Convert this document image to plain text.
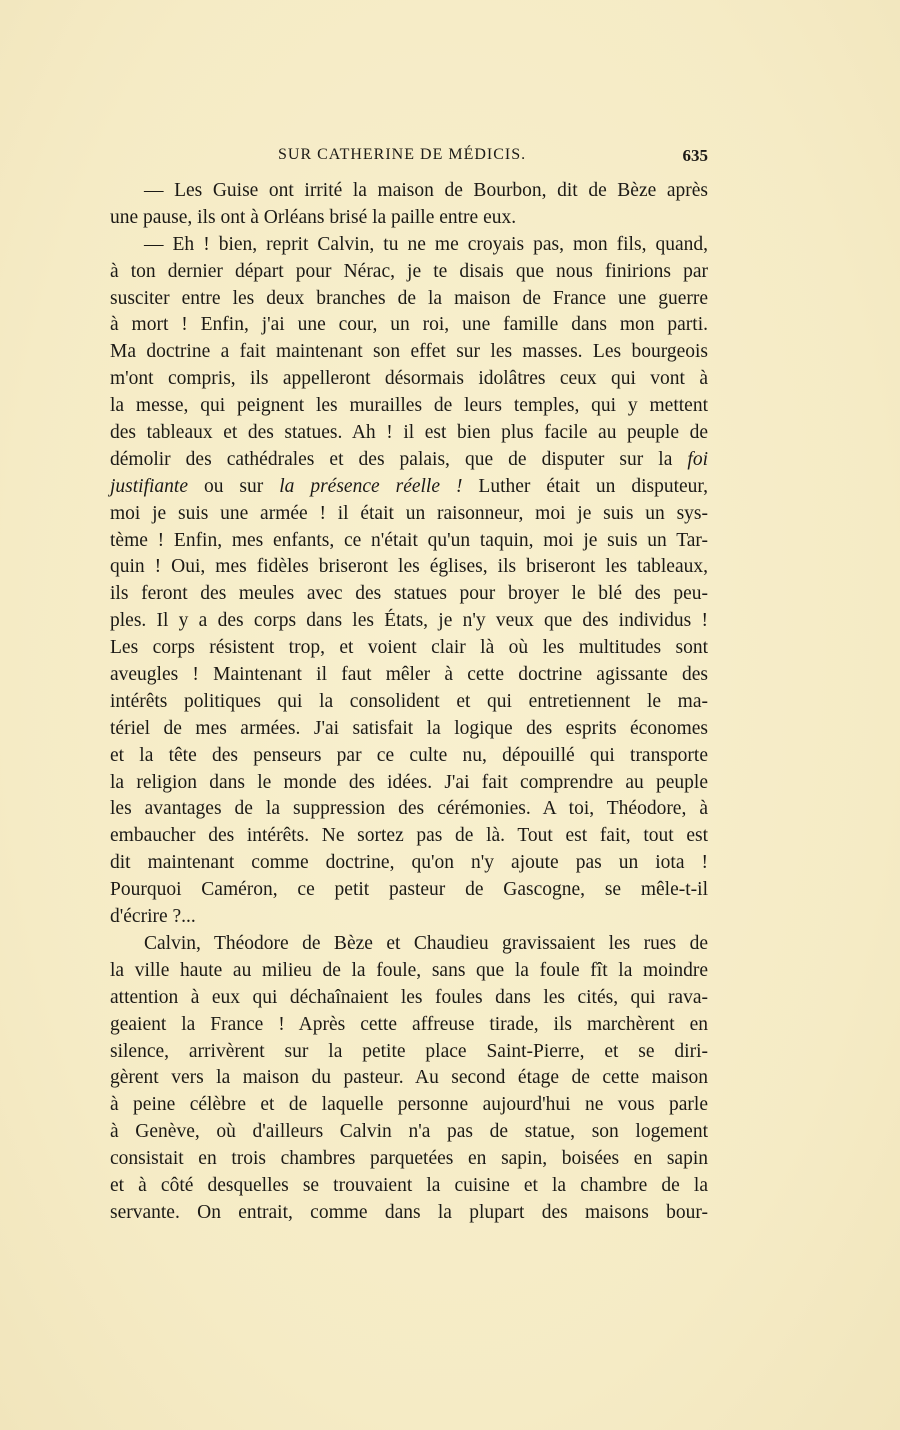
SUR CATHERINE DE MÉDICIS.	635
— Les Guise ont irrité la maison de Bourbon, dit de Bèze après
une pause, ils ont à Orléans brisé la paille entre eux.
— Eh ! bien, reprit Calvin, tu ne me croyais pas, mon fils, quand,
à ton dernier départ pour Nérac, je te disais que nous finirions par
susciter entre les deux branches de la maison de France une guerre
à mort ! Enfin, j'ai une cour, un roi, une famille dans mon parti.
Ma doctrine a fait maintenant son effet sur les masses. Les bourgeois
m'ont compris, ils appelleront désormais idolâtres ceux qui vont à
la messe, qui peignent les murailles de leurs temples, qui y mettent
des tableaux et des statues. Ah ! il est bien plus facile au peuple de
démolir des cathédrales et des palais, que de disputer sur la foi
justifiante ou sur la présence réelle ! Luther était un disputeur,
moi je suis une armée ! il était un raisonneur, moi je suis un sys-
tème ! Enfin, mes enfants, ce n'était qu'un taquin, moi je suis un Tar-
quin ! Oui, mes fidèles briseront les églises, ils briseront les tableaux,
ils feront des meules avec des statues pour broyer le blé des peu-
ples. Il y a des corps dans les États, je n'y veux que des individus !
Les corps résistent trop, et voient clair là où les multitudes sont
aveugles ! Maintenant il faut mêler à cette doctrine agissante des
intérêts politiques qui la consolident et qui entretiennent le ma-
tériel de mes armées. J'ai satisfait la logique des esprits économes
et la tête des penseurs par ce culte nu, dépouillé qui transporte
la religion dans le monde des idées. J'ai fait comprendre au peuple
les avantages de la suppression des cérémonies. A toi, Théodore, à
embaucher des intérêts. Ne sortez pas de là. Tout est fait, tout est
dit maintenant comme doctrine, qu'on n'y ajoute pas un iota !
Pourquoi Caméron, ce petit pasteur de Gascogne, se mêle-t-il
d'écrire ?...
Calvin, Théodore de Bèze et Chaudieu gravissaient les rues de
la ville haute au milieu de la foule, sans que la foule fît la moindre
attention à eux qui déchaînaient les foules dans les cités, qui rava-
geaient la France ! Après cette affreuse tirade, ils marchèrent en
silence, arrivèrent sur la petite place Saint-Pierre, et se diri-
gèrent vers la maison du pasteur. Au second étage de cette maison
à peine célèbre et de laquelle personne aujourd'hui ne vous parle
à Genève, où d'ailleurs Calvin n'a pas de statue, son logement
consistait en trois chambres parquetées en sapin, boisées en sapin
et à côté desquelles se trouvaient la cuisine et la chambre de la
servante. On entrait, comme dans la plupart des maisons bour-
